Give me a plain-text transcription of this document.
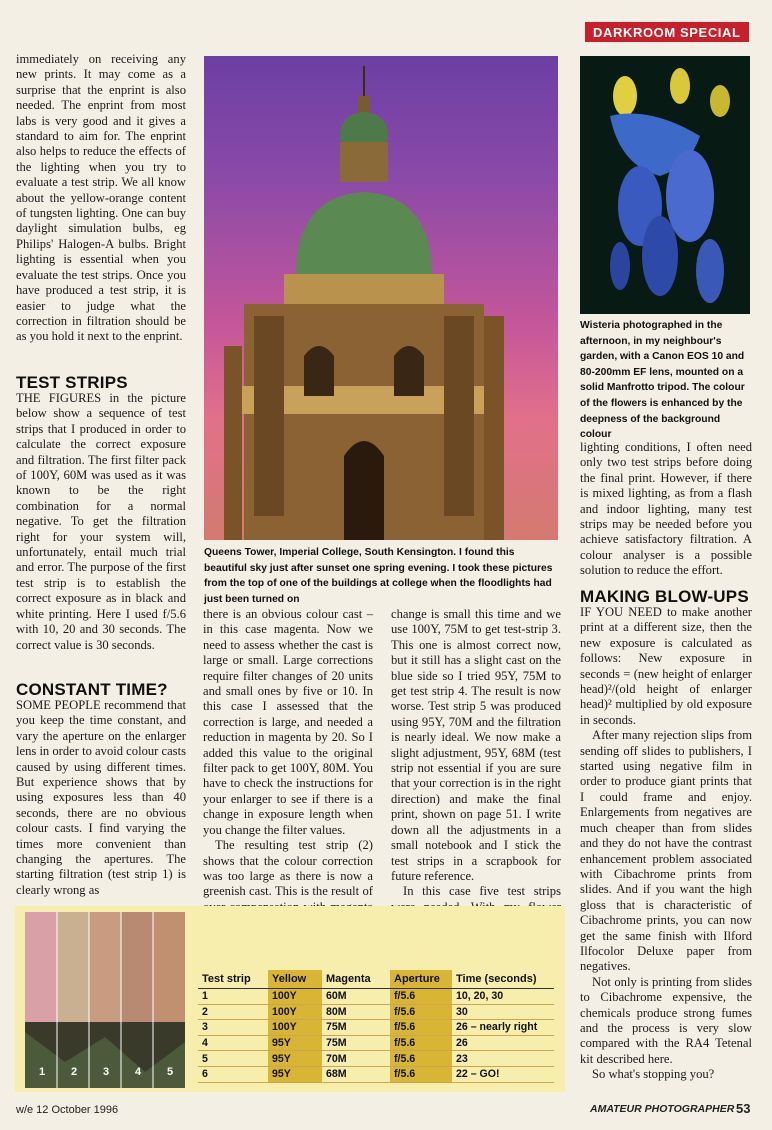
DARKROOM SPECIAL

immediately on receiving any new prints. It may come as a surprise that the enprint is also needed. The enprint from most labs is very good and it gives a standard to aim for. The enprint also helps to reduce the effects of the lighting when you try to evaluate a test strip. We all know about the yellow-orange content of tungsten lighting. One can buy daylight simulation bulbs, eg Philips' Halogen-A bulbs. Bright lighting is essential when you evaluate the test strips. Once you have produced a test strip, it is easier to judge what the correction in filtration should be as you hold it next to the enprint.

TEST STRIPS

THE FIGURES in the picture below show a sequence of test strips that I produced in order to calculate the correct exposure and filtration. The first filter pack of 100Y, 60M was used as it was known to be the right combination for a normal negative. To get the filtration right for your system will, unfortunately, entail much trial and error. The purpose of the first test strip is to establish the correct exposure as in black and white printing. Here I used f/5.6 with 10, 20 and 30 seconds. The correct value is 30 seconds.

CONSTANT TIME?

SOME PEOPLE recommend that you keep the time constant, and vary the aperture on the enlarger lens in order to avoid colour casts caused by using different times. But experience shows that by using exposures less than 40 seconds, there are no obvious colour casts. I find varying the times more convenient than changing the apertures. The starting filtration (test strip 1) is clearly wrong as

Queens Tower, Imperial College, South Kensington. I found this beautiful sky just after sunset one spring evening. I took these pictures from the top of one of the buildings at college when the floodlights had just been turned on
Wisteria photographed in the afternoon, in my neighbour's garden, with a Canon EOS 10 and 80-200mm EF lens, mounted on a solid Manfrotto tripod. The colour of the flowers is enhanced by the deepness of the background colour

there is an obvious colour cast – in this case magenta. Now we need to assess whether the cast is large or small. Large corrections require filter changes of 20 units and small ones by five or 10. In this case I assessed that the correction is large, and needed a reduction in magenta by 20. So I added this value to the original filter pack to get 100Y, 80M. You have to check the instructions for your enlarger to see if there is a change in exposure length when you change the filter values.

The resulting test strip (2) shows that the colour correction was too large as there is now a greenish cast. This is the result of

change is small this time and we use 100Y, 75M to get test-strip 3. This one is almost correct now, but it still has a slight cast on the blue side so I tried 95Y, 75M to get test strip 4. The result is now worse. Test strip 5 was produced using 95Y, 70M and the filtration is nearly ideal. We now make a slight adjustment, 95Y, 68M (test strip not essential if you are sure that your correction is in the right direction) and make the final print, shown on page 51. I write down all the adjustments in a small notebook and I stick the test strips in a scrapbook for future reference.

In this case five test strips

lighting conditions, I often need only two test strips before doing the final print. However, if there is mixed lighting, as from a flash and indoor lighting, many test strips may be needed before you achieve satisfactory filtration. A colour analyser is a possible solution to reduce the effort.

MAKING BLOW-UPS

IF YOU NEED to make another print at a different size, then the new exposure is calculated as follows: New exposure in seconds = (new height of enlarger head)²/(old height of enlarger head)² multiplied by old exposure in seconds.

After many rejection slips from sending off slides to publishers, I started using negative film in order to produce giant prints that I could frame and enjoy. Enlargements from negatives are much cheaper than from slides and they do not have the contrast enhancement problem associated with Cibachrome prints from slides. And if you want the high gloss that is characteristic of Cibachrome prints, you can now get the same finish with Ilford Ilfocolor Deluxe paper from negatives.

Not only is printing from slides to Cibachrome expensive, the chemicals produce strong fumes and the process is very slow compared with the RA4 Tetenal kit described here.

So what's stopping you?

1 2 3 4 5
Test strip	Yellow	Magenta	Aperture	Time (seconds)
1	100Y	60M	f/5.6	10, 20, 30
2	100Y	80M	f/5.6	30
3	100Y	75M	f/5.6	26 – nearly right
4	95Y	75M	f/5.6	26
5	95Y	70M	f/5.6	23
6	95Y	68M	f/5.6	22 – GO!
w/e 12 October 1996	AMATEUR PHOTOGRAPHER 53
